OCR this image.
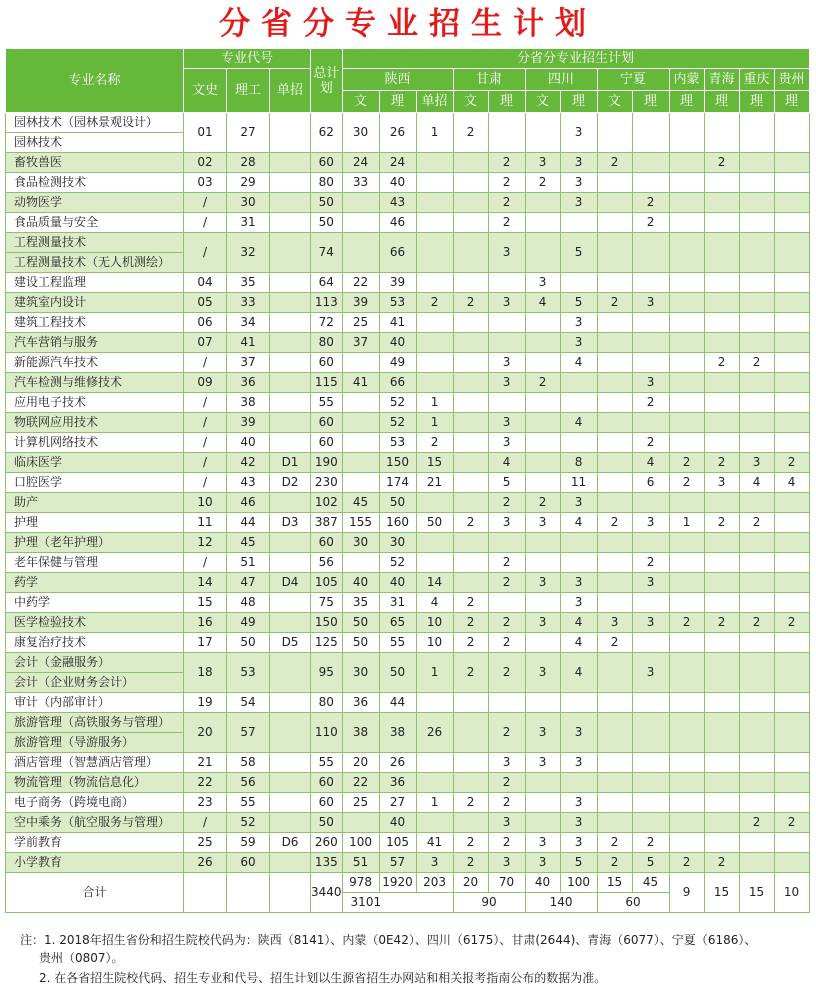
分省分专业招生计划
专业名称	专业代号			总计划	分省分专业招生计划												
	文史	理工	单招		陕西			甘肃		四川		宁夏		内蒙	青海	重庆	贵州
					文	理	单招	文	理	文	理	文	理	理	理	理	理

园林技术（园林景观设计）
园林技术	01	27		62	30	26	1	2			3						
畜牧兽医	02	28		60	24	24			2	3	3	2			2		
食品检测技术	03	29		80	33	40			2	2	3						
动物医学	/	30		50		43			2		3		2				
食品质量与安全	/	31		50		46			2				2				

工程测量技术
工程测量技术（无人机测绘）	/	32		74		66			3		5						
建设工程监理	04	35		64	22	39				3							
建筑室内设计	05	33		113	39	53	2	2	3	4	5	2	3				
建筑工程技术	06	34		72	25	41					3						
汽车营销与服务	07	41		80	37	40					3						
新能源汽车技术	/	37		60		49			3		4				2	2	
汽车检测与维修技术	09	36		115	41	66			3	2			3				
应用电子技术	/	38		55		52	1						2				
物联网应用技术	/	39		60		52	1		3		4						
计算机网络技术	/	40		60		53	2		3				2				
临床医学	/	42	D1	190		150	15		4		8		4	2	2	3	2
口腔医学	/	43	D2	230		174	21		5		11		6	2	3	4	4
助产	10	46		102	45	50			2	2	3						
护理	11	44	D3	387	155	160	50	2	3	3	4	2	3	1	2	2	
护理（老年护理）	12	45		60	30	30											
老年保健与管理	/	51		56		52			2				2				
药学	14	47	D4	105	40	40	14		2	3	3		3				
中药学	15	48		75	35	31	4	2			3						
医学检验技术	16	49		150	50	65	10	2	2	3	4	3	3	2	2	2	2
康复治疗技术	17	50	D5	125	50	55	10	2	2		4	2					

会计（金融服务）
会计（企业财务会计）	18	53		95	30	50	1	2	2	3	4		3				
审计（内部审计）	19	54		80	36	44											

旅游管理（高铁服务与管理）
旅游管理（导游服务）	20	57		110	38	38	26		2	3	3						
酒店管理（智慧酒店管理）	21	58		55	20	26			3	3	3						
物流管理（物流信息化）	22	56		60	22	36			2								
电子商务（跨境电商）	23	55		60	25	27	1	2	2		3						
空中乘务（航空服务与管理）	/	52		50		40			3		3					2	2
学前教育	25	59	D6	260	100	105	41	2	2	3	3	2	2				
小学教育	26	60		135	51	57	3	2	3	3	5	2	5	2	2		
合计				3440	978	1920	203	20	70	40	100	15	45	9	15	15	10
					3101			90		140		60					
注：1. 2018年招生省份和招生院校代码为：陕西（8141）、内蒙（0E42）、四川（6175）、甘肃(2644)、青海（6077）、宁夏（6186）、
贵州（0807）。
2. 在各省招生院校代码、招生专业和代号、招生计划以生源省招生办网站和相关报考指南公布的数据为准。
